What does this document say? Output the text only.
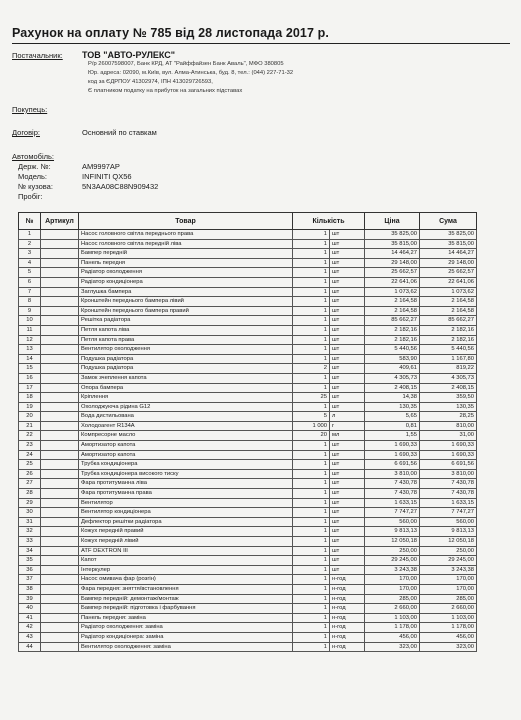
Рахунок на оплату № 785 від 28 листопада 2017 р.
Постачальник: ТОВ "АВТО-РУЛЕКС"
Р/р 26007598007, Банк КРД, АТ "Райффайзен Банк Аваль", МФО 380805
Юр. адреса: 02090, м.Київ, вул. Алма-Атинська, буд. 8, тел.: (044) 227-71-32
код за ЄДРПОУ 41302974, ІПН 413029726593,
Є платником податку на прибуток на загальних підставах
Покупець:
Договір:	Основний по ставкам
Автомобіль:
Держ. №:	АМ9997АР
Модель:	INFINITI QX56
№ кузова:	5N3AA08C88N909432
Пробіг:
№	Артикул	Товар	Кількість	Ціна	Сума
1		Насос головного світла переднього права	1 шт	35 825,00	35 825,00
2		Насос головного світла передній ліва	1 шт	35 815,00	35 815,00
3		Бампер передній	1 шт	14 464,27	14 464,27
4		Панель передня	1 шт	29 148,00	29 148,00
5		Радіатор охолодження	1 шт	25 662,57	25 662,57
6		Радіатор кондиціонера	1 шт	22 641,06	22 641,06
7		Заглушка бампера	1 шт	1 073,62	1 073,62
8		Кронштейн переднього бампера лівий	1 шт	2 164,58	2 164,58
9		Кронштейн переднього бампера правий	1 шт	2 164,58	2 164,58
10		Решітка радіатора	1 шт	85 662,27	85 662,27
11		Петля капота ліва	1 шт	2 182,16	2 182,16
12		Петля капота права	1 шт	2 182,16	2 182,16
13		Вентилятор охолодження	1 шт	5 440,56	5 440,56
14		Подушка радіатора	1 шт	583,90	1 167,80
15		Подушка радіатора	2 шт	409,61	819,22
16		Замок зчеплення капота	1 шт	4 305,73	4 305,73
17		Опора бампера	1 шт	2 408,15	2 408,15
18		Кріплення	25 шт	14,38	359,50
19		Охолоджуюча рідина G12	1 шт	130,35	130,35
20		Вода дистильована	5 л	5,65	28,25
21		Холодоагент R134A	1 000 г	0,81	810,00
22		Компресорне масло	20 мл	1,55	31,00
23		Амортизатор капота	1 шт	1 690,33	1 690,33
24		Амортизатор капота	1 шт	1 690,33	1 690,33
25		Трубка кондиціонера	1 шт	6 691,56	6 691,56
26		Трубка кондиціонера високого тиску	1 шт	3 810,00	3 810,00
27		Фара протитуманна ліва	1 шт	7 430,78	7 430,78
28		Фара протитуманна права	1 шт	7 430,78	7 430,78
29		Вентилятор	1 шт	1 633,15	1 633,15
30		Вентилятор кондиціонера	1 шт	7 747,27	7 747,27
31		Дефлектор решітки радіатора	1 шт	560,00	560,00
32		Кожух передній правий	1 шт	9 813,13	9 813,13
33		Кожух передній лівий	1 шт	12 050,18	12 050,18
34		ATF DEXTRON III	1 шт	250,00	250,00
35		Капот	1 шт	29 245,00	29 245,00
36		Інтеркулер	1 шт	3 243,38	3 243,38
37		Насос омивача фар (розгін)	1 н-год	170,00	170,00
38		Фара передня: зняття/встановлення	1 н-год	170,00	170,00
39		Бампер передній: демонтаж/монтаж	1 н-год	285,00	285,00
40		Бампер передній: підготовка і фарбування	1 н-год	2 660,00	2 660,00
41		Панель передня: заміна	1 н-год	1 103,00	1 103,00
42		Радіатор охолодження: заміна	1 н-год	1 178,00	1 178,00
43		Радіатор кондиціонера: заміна	1 н-год	456,00	456,00
44		Вентилятор охолодження: заміна	1 н-год	323,00	323,00
